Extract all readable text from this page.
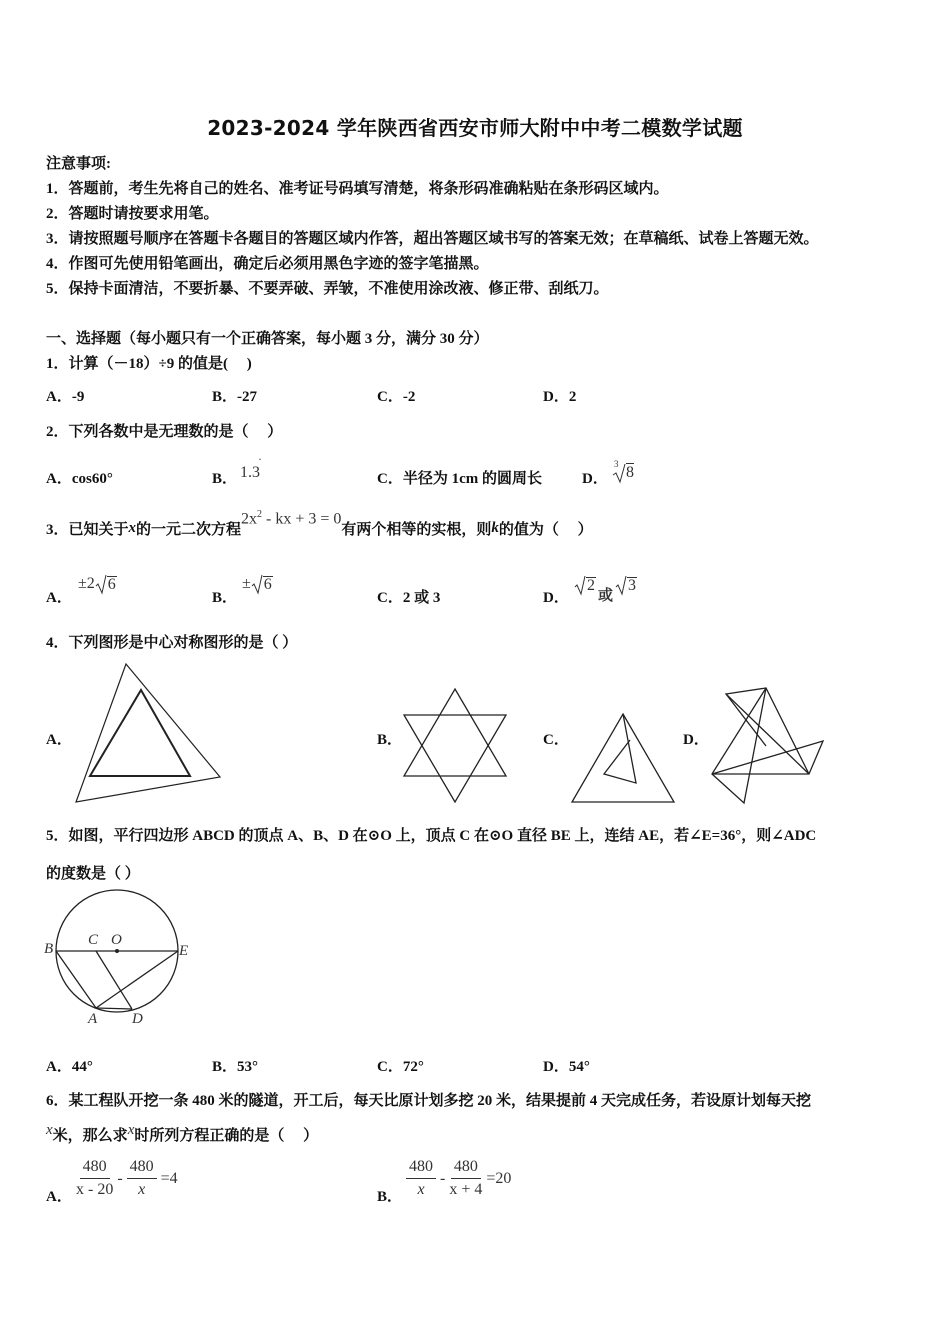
2023-2024 学年陕西省西安市师大附中中考二模数学试题
注意事项:
1．答题前，考生先将自己的姓名、准考证号码填写清楚，将条形码准确粘贴在条形码区域内。
2．答题时请按要求用笔。
3．请按照题号顺序在答题卡各题目的答题区域内作答，超出答题区域书写的答案无效；在草稿纸、试卷上答题无效。
4．作图可先使用铅笔画出，确定后必须用黑色字迹的签字笔描黑。
5．保持卡面清洁，不要折暴、不要弄破、弄皱，不准使用涂改液、修正带、刮纸刀。
一、选择题（每小题只有一个正确答案，每小题 3 分，满分 30 分）
1．计算（－18）÷9 的值是(　 )
A．-9	B．-27	C．-2	D．2
2．下列各数中是无理数的是（　 ）
A．cos60°	B． 1.3
·
C．半径为 1cm 的圆周长	D．
3 8
3．已知关于 x 的一元二次方程
$2x^2$ - kx + 3 = 0
有两个相等的实根，则 k 的值为（　 ）
A．
±2 6
B．
± 6
C．2 或 3	D．
2
或
3
4．下列图形是中心对称图形的是（ ）
A．	B．	C．	D．
5．如图，平行四边形 ABCD 的顶点 A、B、D 在⊙O 上，顶点 C 在⊙O 直径 BE 上，连结 AE，若∠E=36°，则∠ADC
的度数是（ ）
B
C O
E
A D
A．44°	B．53°	C．72°	D．54°
6．某工程队开挖一条 480 米的隧道，开工后，每天比原计划多挖 20 米，结果提前 4 天完成任务，若设原计划每天挖
x 米，那么求 x 时所列方程正确的是（　 ）
A． $\frac{480}{x - 20} - \frac{480}{x} =4$
B． $\frac{480}{x} - \frac{480}{x + 4} =20$
